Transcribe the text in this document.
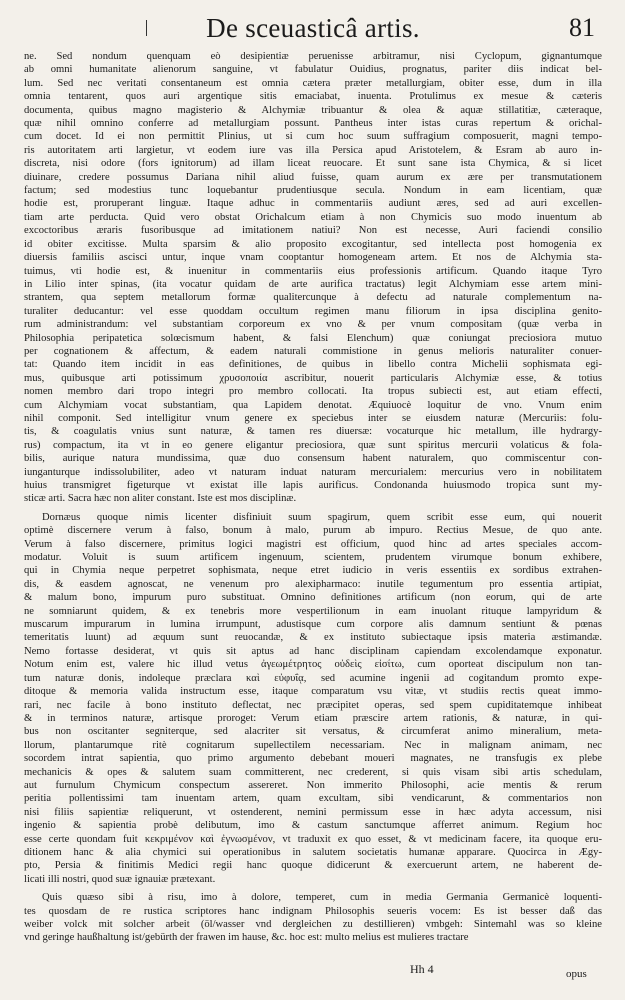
De sceuasticâ artis.	81

ne. Sed nondum quenquam eò desipientiæ peruenisse arbitramur, nisi Cyclopum, gignantumque
ab omni humanitate alienorum sanguine, vt fabulatur Ouidius, prognatus, pariter diis indicat bel-
lum. Sed nec veritati consentaneum est omnia cætera præter metallurgiam, obiter esse, dum in illa
omnia tentarent, quos auri argentique sitis emaciabat, inuenta. Protulimus ex mesue & cæteris
documenta, quibus magno magisterio & Alchymiæ tribuantur & olea & aquæ stillatitiæ, cæteraque,
quæ nihil omnino conferre ad metallurgiam possunt. Pantheus inter istas curas repertum & orichal-
cum docet. Id ei non permittit Plinius, ut si cum hoc suum suffragium composuerit, magni tempo-
ris autoritatem arti largietur, vt eodem iure vas illa Persica apud Aristotelem, & Esram ab auro in-
discreta, nisi odore (fors ignitorum) ad illam liceat reuocare. Et sunt sane ista Chymica, & si licet
diuinare, credere possumus Dariana nihil aliud fuisse, quam aurum ex ære per transmutationem
factum; sed modestius tunc loquebantur prudentiusque secula. Nondum in eam licentiam, quæ
hodie est, proruperant linguæ. Itaque adhuc in commentariis audiunt æres, sed ad auri excellen-
tiam arte perducta. Quid vero obstat Orichalcum etiam à non Chymicis suo modo inuentum ab
excoctoribus æraris fusoribusque ad imitationem natiui? Non est necesse, Auri faciendi consilio
id obiter excitisse. Multa sparsim & alio proposito excogitantur, sed intellecta post homogenia ex
diuersis familiis ascisci untur, inque vnam cooptantur homogeneam artem. Et nos de Alchymia sta-
tuimus, vti hodie est, & inuenitur in commentariis eius professionis artificum. Quando itaque Tyro
in Lilio inter spinas, (ita vocatur quidam de arte aurifica tractatus) legit Alchymiam esse artem mini-
strantem, qua septem metallorum formæ qualitercunque à defectu ad naturale complementum na-
turaliter deducantur: vel esse quoddam occultum regimen manu filiorum in ipsa disciplina genito-
rum administrandum: vel substantiam corporeum ex vno & per vnum compositam (quæ verba in
Philosophia peripatetica solœcismum habent, & falsi Elenchum) quæ coniungat preciosiora mutuo
per cognationem & affectum, & eadem naturali commistione in genus melioris naturaliter conuer-
tat: Quando item incidit in eas definitiones, de quibus in libello contra Michelii sophismata egi-
mus, quibusque arti potissimum χρυσοποιία ascribitur, nouerit particularis Alchymiæ esse, & totius
nomen membro dari tropo integri pro membro collocati. Ita tropus subiecti est, aut etiam effecti,
cum Alchymiam vocat substantiam, qua Lapidem denotat. Æquiuocè loquitur de vno. Vnum enim
nihil componit. Sed intelligitur vnum genere ex speciebus inter se eiusdem naturæ (Mercuriis: folu-
tis, & coagulatis vnius sunt naturæ, & tamen res diuersæ: vocaturque hic metallum, ille hydrargy-
rus) compactum, ita vt in eo genere eligantur preciosiora, quæ sunt spiritus mercurii volaticus & fola-
bilis, aurique natura mundissima, quæ duo consensum habent naturalem, quo commiscentur con-
iunganturque indissolubiliter, adeo vt naturam induat naturam mercurialem: mercurius vero in nobilitatem
huius transmigret figeturque vt existat ille lapis aurificus. Condonanda huiusmodo tropica sunt my-
sticæ arti. Sacra hæc non aliter constant. Iste est mos disciplinæ.

Dornæus quoque nimis licenter disfiniuit suum spagirum, quem scribit esse eum, qui nouerit
optimè discernere verum à falso, bonum à malo, purum ab impuro. Rectius Mesue, de quo ante.
Verum à falso discernere, primitus logici magistri est officium, quod hinc ad artes speciales accom-
modatur. Voluit is suum artificem ingenuum, scientem, prudentem virumque bonum exhibere,
qui in Chymia neque perpetret sophismata, neque etret iudicio in veris essentiis ex sordibus extrahen-
dis, & easdem agnoscat, ne venenum pro alexipharmaco: inutile tegumentum pro essentia artipiat,
& malum bono, impurum puro substituat. Omnino definitiones artificum (non eorum, qui de arte
ne somniarunt quidem, & ex tenebris more vespertilionum in eam inuolant rituque lampyridum &
muscarum impurarum in lumina irrumpunt, adustisque cum corpore alis damnum sentiunt & pœnas
temeritatis luunt) ad æquum sunt reuocandæ, & ex instituto subiectaque ipsis materia æstimandæ.
Nemo fortasse desiderat, vt quis sit aptus ad hanc disciplinam capiendam excolendamque exponatur.
Notum enim est, valere hic illud vetus ἀγεωμέτρητος οὐδεὶς εἰσίτω, cum oporteat discipulum non tan-
tum naturæ donis, indoleque præclara καὶ εὐφυΐᾳ, sed acumine ingenii ad cogitandum promto expe-
ditoque & memoria valida instructum esse, itaque comparatum vsu vitæ, vt studiis rectis queat immo-
rari, nec facile à bono instituto deflectat, nec præcipitet operas, sed spem cupiditatemque inhibeat
& in terminos naturæ, artisque proroget: Verum etiam præscire artem rationis, & naturæ, in qui-
bus non oscitanter segniterque, sed alacriter sit versatus, & circumferat animo mineralium, meta-
llorum, plantarumque ritè cognitarum supellectilem necessariam. Nec in malignam animam, nec
socordem intrat sapientia, quo primo argumento debebant moueri magnates, ne transfugis ex plebe
mechanicis & opes & salutem suam committerent, nec crederent, si quis visam sibi artis schedulam,
aut furnulum Chymicum conspectum assereret. Non immerito Philosophi, acie mentis & rerum
peritia pollentissimi tam inuentam artem, quam excultam, sibi vendicarunt, & commentarios non
nisi filiis sapientiæ reliquerunt, vt ostenderent, nemini permissum esse in hæc adyta accessum, nisi
ingenio & sapientia probè delibutum, imo & castum sanctumque afferret animum. Regium hoc
esse certe quondam fuit κεκριμένον καὶ ἐγνωσμένον, vt traduxit ex quo esset, & vt medicinam facere, ita quoque eru-
ditionem hanc & alia chymici sui operationibus in salutem societatis humanæ apparare. Quocirca in Ægy-
pto, Persia & finitimis Medici regii hanc quoque didicerunt & exercuerunt artem, ne haberent de-
licati illi nostri, quod suæ ignauiæ prætexant.

Quis quæso sibi à risu, imo à dolore, temperet, cum in media Germania Germanicè loquenti-
tes quosdam de re rustica scriptores hanc indignam Philosophis seueris vocem: Es ist besser daß das
weiber volck mit solcher arbeit (öl/wasser vnd dergleichen zu destillieren) vmbgeh: Sintemahl was so kleine
vnd geringe haußhaltung ist/gebürth der frawen im hause, &c. hoc est: multo melius est mulieres tractare

Hh 4	opus
